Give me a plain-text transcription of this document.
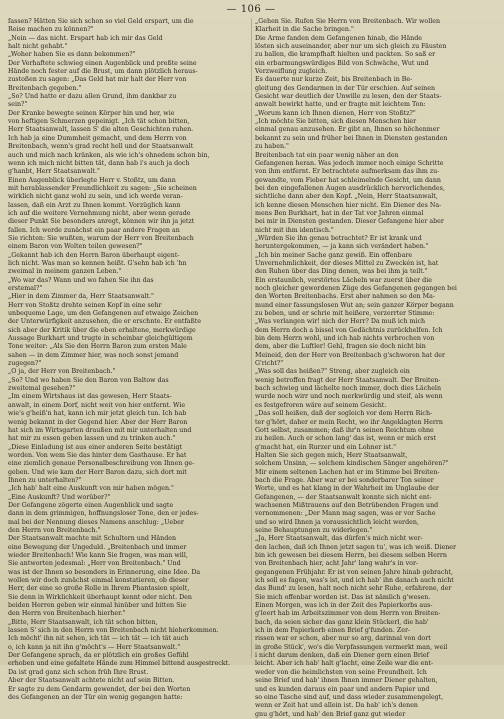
— 106 —
fassen? Hätten Sie sich schon so viel Geld erspart, um die
Reise machen zu können?"
„Nein — das nicht. Erspart hab ich mir das Geld
halt nicht gehabt."
„Woher haben Sie es dann bekommen?"
Der Verhaftete schwieg einen Augenblick und preßte seine
Hände noch fester auf die Brust, um dann plötzlich heraus-
zustoßen zu sagen: „Das Geld hat mir halt der Herr von
Breitenbach gegeben."
„So? Und hatte er dazu allen Grund, ihm dankbar zu
sein?"
Der Kranke bewegte seinen Körper hin und her, wie
von heftigen Schmerzen gepeinigt. „Ich tät schon bitten,
Herr Staatsanwalt, lassen S' die alten Geschichten ruhen.
Ich hab ja eine Dummheit gemacht, und dem Herrn von
Breitenbach, wenn's grad recht hell und der Staatsanwalt
auch und mich nach kränken, als wie ich's ohnedem schon bin,
wenn ich mich nicht bitten tät, dann hab i's auch ja doch
g'hanbt, Herr Staatsanwalt."
Einen Augenblick überlegte Herr v. Stoßtz, um dann
mit herablassender Freundlichkeit zu sagen: „Sie scheinen
wirklich nicht ganz wohl zu sein, und ich werde veran-
lassen, daß ein Arzt zu Ihnen kommt. Vorzüglich kann
ich auf die weitere Vernehmung nicht, aber wenn gerade
dieser Punkt Sie besonders anregt, können wir ihn ja jetzt
fallen. Ich werde zunächst ein paar andere Fragen an
Sie richten: Sie wußten, warum der Herr von Breitenbach
einem Baron von Wolten teilen gewesen?"
„Gekannt hab ich den Herrn Baron überhaupt eigent-
lich nicht. Was man so kennen heißt. G'sehn hab ich 'hn
zweimal in meinem ganzen Leben."
„Wo war das? Wann und wo fahen Sie ihn das
erstemal?"
„Hier in dem Zimmer da, Herr Staatsanwalt."
Herr von Stoßtz drehte seinen Kopf in eine sehr
unbequeme Lage, um den Gefangenen auf etwaige Zeichen
der Unterwürfigkeit anzusehen, die er erschnte. Er entfaßte
sich aber der Kritik über die eben erhaltene, merkwürdige
Aussage Burkhart und trugte in scheinbar gleichgültigem
Tone weiter: „Als Sie den Herrn Baron zum ersten Male
sahen — in dem Zimmer hier, was noch sonst jemand
zugegen?"
„O ja, der Herr von Breitenbach."
„So? Und wo haben Sie den Baron von Baltow das
zweitemal gesehen?"
„Im einem Wirtshaus ist das gewesen, Herr Staats-
anwalt, in einem Dorf, nicht weit von hier entfernt. Wie
wie's g'heiß'n hat, kann ich mir jetzt gleich tun. Ich hab
wenig bekannt in der Gegend hier. Aber der Herr Baron
hat sich im Wirtsgarten draußen mit mir unterhalten und
hat mir zu essen geben lassen und zu trinken auch."
„Diese Einladung ist aus einer anderen Seite bestätigt
worden. Von wem Sie das hinter dem Gasthause. Er hat
eine ziemlich genaue Personalbeschreibung von Ihnen ge-
geben. Und wie kam der Herr Baron dazu, sich dort mit
Ihnen zu unterhalten?"
„Ich hab' halt eine Auskunft von mir haben mögen."
„Eine Auskunft? Und worüber?"
Der Gefangene zögerte einen Augenblick und sagte
dann in dem grimmigen, hoffnungsloser Tone, den er jedes-
mal bei der Nennung dieses Namens anschlug: „Ueber
den Herrn von Breitenbach."
Der Staatsanwalt machte mit Schultern und Händen
eine Bewegung der Ungeduld. „Breitenbach und immer
wieder Breitenbach! Wie kann Sie fragen, was man will,
Sie antworten jedesmal: „Herr von Breitenbach." Und
was ist der Ihnen so besonders in Erinnerung, eine Idee. Da
wollen wir doch zunächst einmal konstatieren, ob dieser
Herr, der eine so große Rolle in Ihrem Phantasien spielt,
Sie denn in Wirklichkeit überhaupt kennt oder nicht. Den
beiden Herren geben wir einmal hinüber und bitten Sie
den Herrn von Breitenbach hierher."
„Bitte, Herr Staatsanwalt, ich tät schon bitten,
lassen S' sich in den Herrn von Breitenbach nicht hieherkommen.
Ich möcht' ihn nit sehen, ich tät — ich tät — ich tät auch
o, ich kann ja nit ihn g'möcht's — Herr Staatsanwalt."
Der Gefangene sprach, da er plötzlich ein großes Gefühl
erhoben und eine gefaltete Hände zum Himmel bittend ausgestreckt.
Da ist grad ganz sich schon früh Ihre Brust.
Aber der Staatsanwalt achtete nicht auf sein Bitten.
Er sagte zu dem Gendarm gewendet, der bei den Worten
des Gefangenen an der Tür ein wenig gegangen hatte:
„Gehen Sie. Rufen Sie Herrn von Breitenbach. Wir wollen
Klarheit in die Sache bringen."
Die Arme fanden dem Gefangenen hinab, die Hände
lösten sich auseinander, aber nur um sich gleich zu Fäusten
zu ballen, die krampfhaft hielten und packten. So saß er
ein erbarmungswürdiges Bild von Schwäche, Wut und
Verzweiflung zugleich.
Es dauerte nur kurze Zeit, bis Breitenbach in Be-
gleitung des Gendarmen in der Tür erschien. Auf seinen
Gesicht war deutlich der Unwille zu lesen, den der Staats-
anwalt bewirkt hatte, und er fragte mit leichtem Ton:
„Worum kann ich Ihnen dienen, Herr von Stoßtz?"
„Ich möchte Sie bitten, sich diesen Menschen hier
einmal genau anzusehen. Er gibt an, Ihnen so höchenmer
bekannt zu sein und früher bei Ihnen in Diensten gestanden
zu haben."
Breitenbach tat ein paar wenig näher an den
Gefangenen heran. Was jedoch immer noch einige Schritte
von ihm entfernt. Er betrachtete aufmerksam das ihm zu-
gewandte, vom Fieber hat schleimelnde Gesicht, um dann
bei den eingefallenen Augen ausdrücklich hervorlichendes,
sichtliche dann aber den Kopf. „Nein, Herr Staatsanwalt,
ich kenne diesen Menschen hier nicht. Ein Diener des Na-
mens Ben Burkhart, hat in der Tat vor Jahren einmal
bei mir in Diensten gestanden. Dieser Gefangene hier aber
nicht mit ihm identisch."
„Würden Sie ihn genau betrachtet? Er ist krank und
heruntergekommen, — ja kann sich verändert haben."
„Ich bin meiner Sache ganz gewiß. Ein offenbare
Unvernehmlichkeit, der dieses Mittel zu Zweckén ist, hat
den Ruhen über das Ding denen, was bei ihm ja teilt."
Ein erstaunlich, verstörtes Lächeln war zuerst über die
noch gleicher gewordenen Züge des Gefangenen gegangen bei
den Worten Breitenbachs. Erst aber nahmen so den Ma-
mund einer fassungslosen Wut an; sein ganzer Körper begann
zu beben, und er schrie mit heißere, verzerrter Stimme:
„Was verlangen wir! nich der Herr? Da muß ich mich
dem Herrn doch a bissel von Gedächtnis zurückhelfen. Ich
bin dem Herrn wohl, und ich hab nichts verbrochen von
dem, aber die Luftler! Gehl, fragen sie doch nicht bin
Meineid, den der Herr von Breitenbach g'schworen hat der
G'richt?"
„Was soll das heißen?" Streng, aber zugleich ein
wenig betroffen fragt der Herr Staatsanwalt. Der Breiten-
bach schwieg und lächelte noch immer, doch dies Lächeln
wurde noch wirr und noch merkwürdig und steif, als wenn
es festgefroren wäre auf seinem Gesicht.
„Das soll heißen, daß der sogleich vor dem Herrn Rich-
ter g'hört, daher er mein Recht, wo ihr Angeklagten Herrn
Gott selbst, zusammen; daß ihr'n seinen Reichtum ohne
zu heilen. Auch er schon lang' das ist, wenn er mich erst
g'macht hat, ein Rurzer und ein Lohner ist."
Halten Sie sich gegen mich, Herr Staatsanwalt,
solchem Unsinn, — solchem kindischen Sänger angehören?"
Mir einem seltenen Lachen hat er im Stimme bei Breiten-
bach die Frage. Aber war er bei sonderbarer Ton seiner
Worte, und es hat klang in der Wahrheit im Unglaube der
Gefangenen, — der Staatsanwalt konnte sich nicht ent-
wachsenen Mißtrauens auf den Betrübenden Fragen und
vernommenen: „Der Mann mag sagen, was er vor Sache
und so wird Ihnen ja voraussichtlich leicht werden,
seine Behauptungen zu widerlegen."
„Ja, Herr Staatsanwalt, das dürfen's mich nicht wer-
den lachen, daß ich Ihnen jetzt sagen tu', was ich weiß. Diener
bin ich gewesen bei diesem Herrn, bei diesem selben Herrn
von Breitenbach hier, acht Jahr' lang wahr's in vor-
gegangenen Frühjahr. Er ist von seinen Jahre hinab gebracht,
ich soll es fagen, was's ist, und ich hab' ihn danach auch nicht
das Bund' zu lesen, halt noch nicht sehr Ruhe, erfahrene, der
Sie mich offenbar worden ist. Das ist nämlich g'wesen.
Einen Morgen, was ich in der Zeit des Papierkorbs aus-
g'leert hab im Arbeitszimmer von dem Herrn von Breiten-
bach, da seien sicher das ganz klein Stückerl, die hab'
ich in dem Papierkorb einen Brief g'funden. Zer-
rissen war er schon, aber nur so arg, darinnal von dort
in große Stück', wo's die Verpfassungen vermerkt man, weil
i nicht darum denken, daß ein Diener gern einen Brief
leicht. Aber ich hab' halt g'lacht, eine Zeile war die ent-
weder von die heimlichsten von seine Freundheit. Ich
seine Brief und hab' ihnen Ihnen immer Diener gehalten,
und es kunden daraus ein paar und andern Papier und
so eine Tasche sind auf, und dass wieder zusammengelegt,
wenn er Zeit hat und allein ist. Da hab' ich's denen
gnu g'hört, und hab' den Brief ganz gut wieder
